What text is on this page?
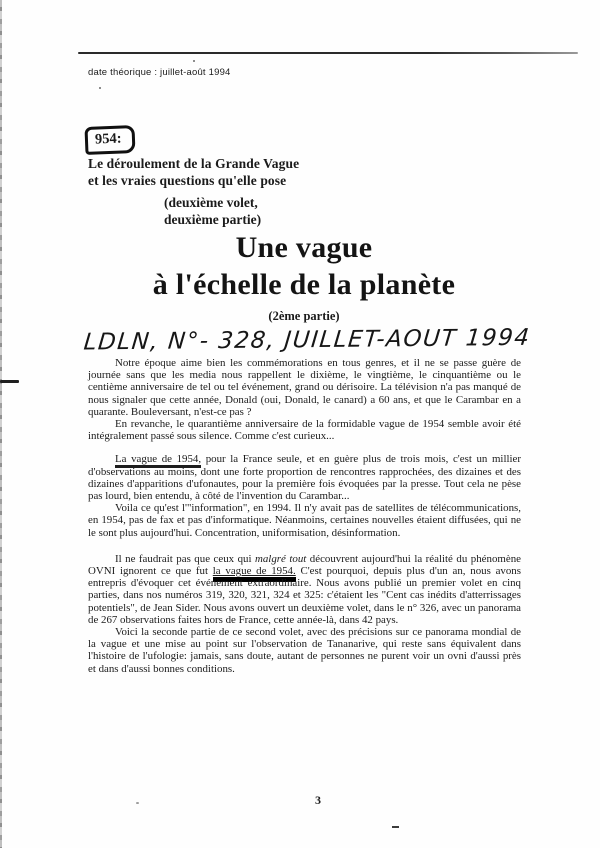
date théorique : juillet-août 1994
954:
Le déroulement de la Grande Vague
et les vraies questions qu'elle pose
(deuxième volet,
deuxième partie)
Une vague
à l'échelle de la planète
(2ème partie)
LDLN, N°- 328, JUILLET-AOUT 1994

Notre époque aime bien les commémorations en tous genres, et il ne se passe guère de journée sans que les media nous rappellent le dixième, le vingtième, le cinquantième ou le centième anniversaire de tel ou tel événement, grand ou dérisoire. La télévision n'a pas manqué de nous signaler que cette année, Donald (oui, Donald, le canard) a 60 ans, et que le Carambar en a quarante. Bouleversant, n'est-ce pas ?

En revanche, le quarantième anniversaire de la formidable vague de 1954 semble avoir été intégralement passé sous silence. Comme c'est curieux...

La vague de 1954, pour la France seule, et en guère plus de trois mois, c'est un millier d'observations au moins, dont une forte proportion de rencontres rapprochées, des dizaines et des dizaines d'apparitions d'ufonautes, pour la première fois évoquées par la presse. Tout cela ne pèse pas lourd, bien entendu, à côté de l'invention du Carambar...

Voila ce qu'est l'"information", en 1994. Il n'y avait pas de satellites de télécommunications, en 1954, pas de fax et pas d'informatique. Néanmoins, certaines nouvelles étaient diffusées, qui ne le sont plus aujourd'hui. Concentration, uniformisation, désinformation.

Il ne faudrait pas que ceux qui malgré tout découvrent aujourd'hui la réalité du phénomène OVNI ignorent ce que fut la vague de 1954. C'est pourquoi, depuis plus d'un an, nous avons entrepris d'évoquer cet événement extraordinaire. Nous avons publié un premier volet en cinq parties, dans nos numéros 319, 320, 321, 324 et 325: c'étaient les "Cent cas inédits d'atterrissages potentiels", de Jean Sider. Nous avons ouvert un deuxième volet, dans le n° 326, avec un panorama de 267 observations faites hors de France, cette année-là, dans 42 pays.

Voici la seconde partie de ce second volet, avec des précisions sur ce panorama mondial de la vague et une mise au point sur l'observation de Tananarive, qui reste sans équivalent dans l'histoire de l'ufologie: jamais, sans doute, autant de personnes ne purent voir un ovni d'aussi près et dans d'aussi bonnes conditions.

3
